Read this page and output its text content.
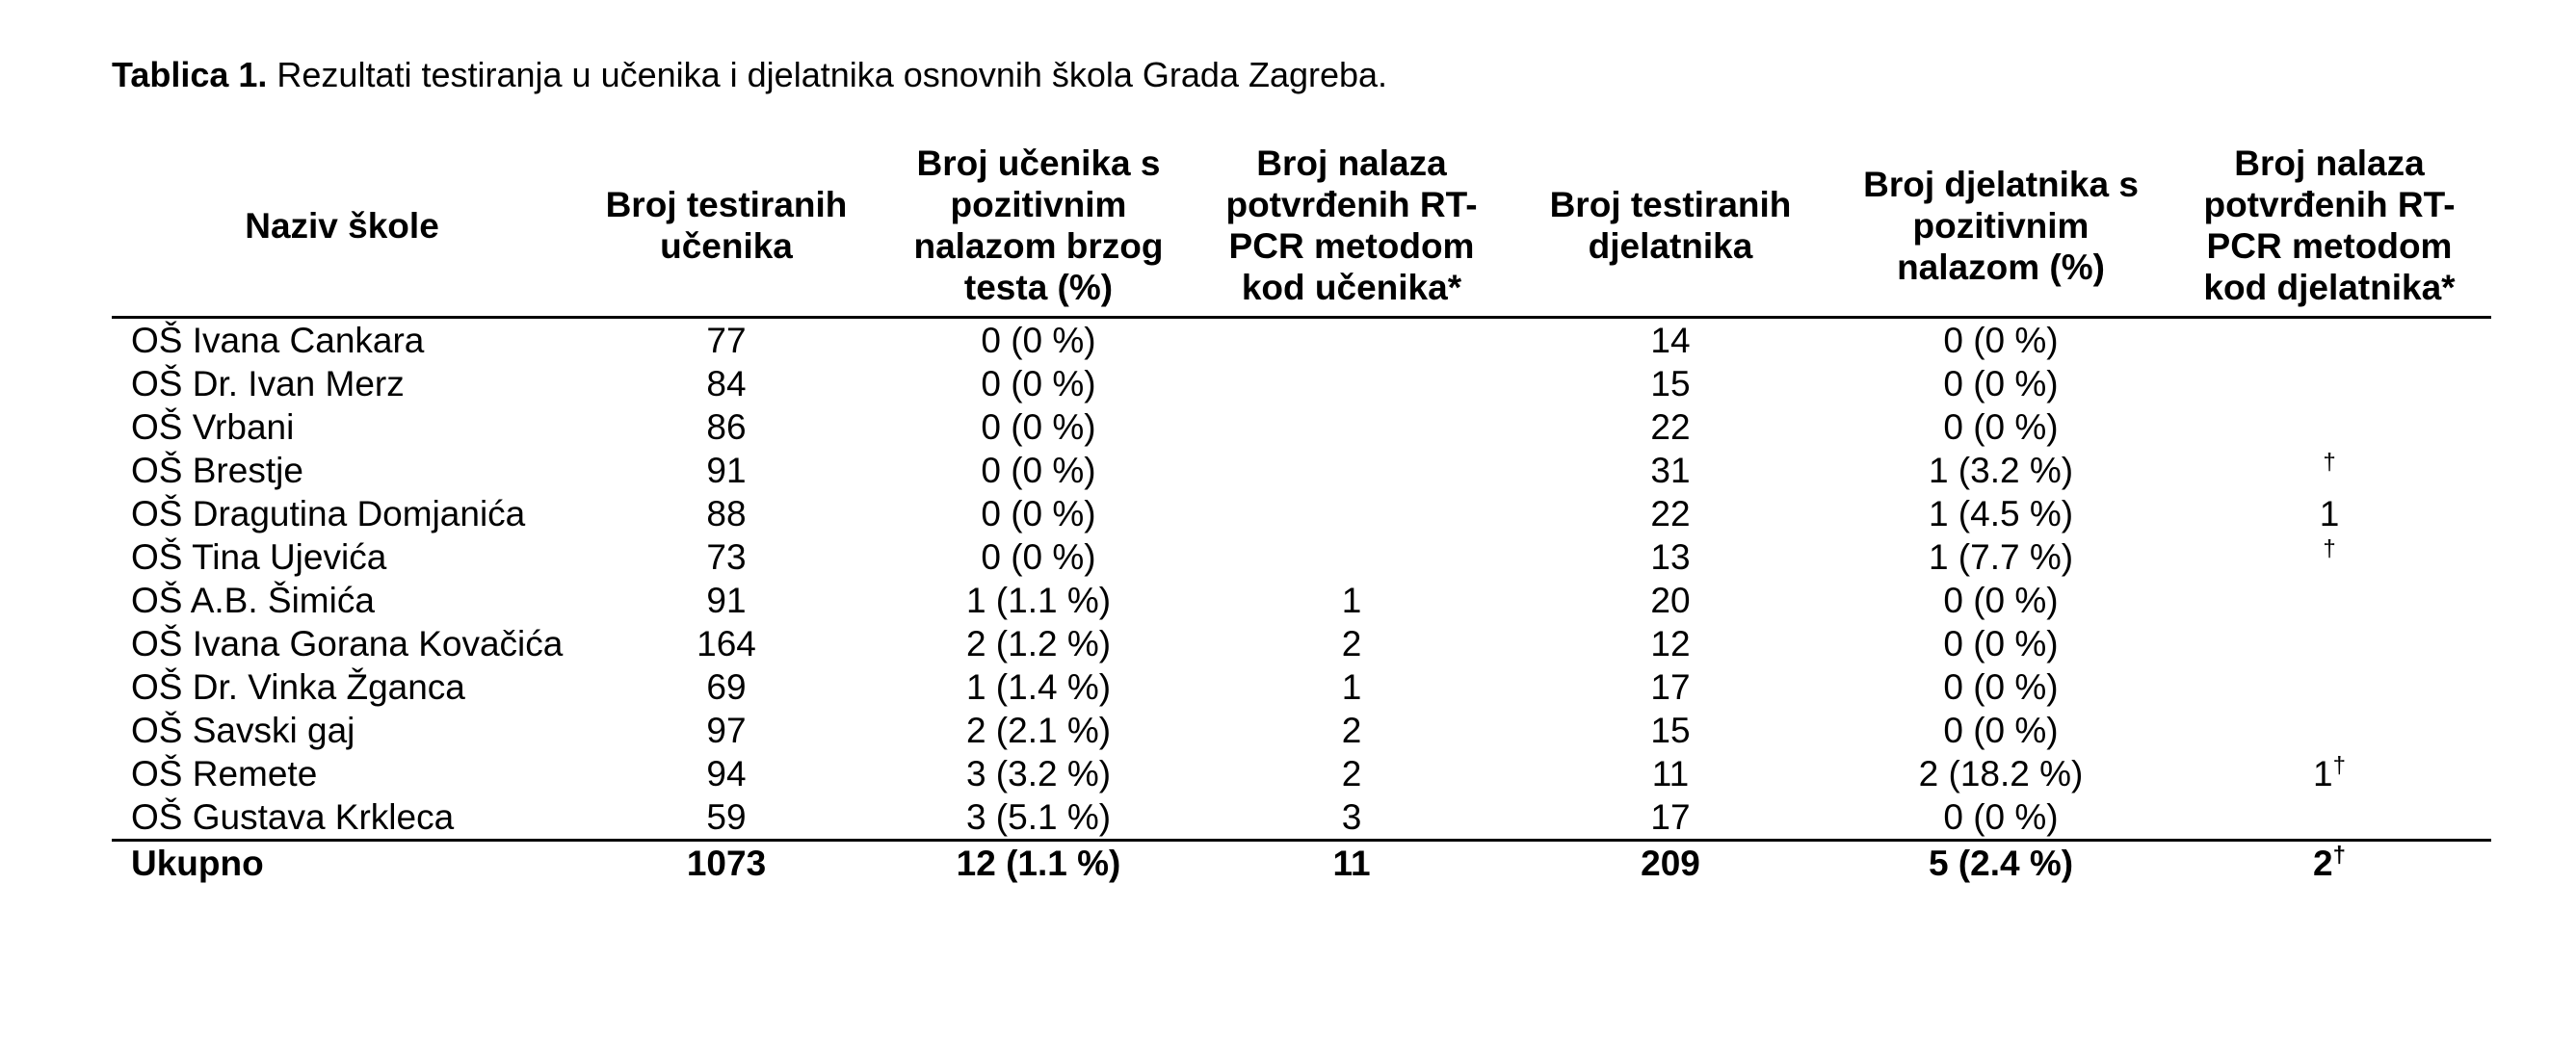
Tablica 1. Rezultati testiranja u učenika i djelatnika osnovnih škola Grada Zagreba.
Naziv škole	Broj testiranih učenika	Broj učenika s pozitivnim nalazom brzog testa (%)	Broj nalaza potvrđenih RT-PCR metodom kod učenika*	Broj testiranih djelatnika	Broj djelatnika s pozitivnim nalazom (%)	Broj nalaza potvrđenih RT-PCR metodom kod djelatnika*
OŠ Ivana Cankara	77	0 (0 %)		14	0 (0 %)	
OŠ Dr. Ivan Merz	84	0 (0 %)		15	0 (0 %)	
OŠ Vrbani	86	0 (0 %)		22	0 (0 %)	
OŠ Brestje	91	0 (0 %)		31	1 (3.2 %)	†
OŠ Dragutina Domjanića	88	0 (0 %)		22	1 (4.5 %)	1
OŠ Tina Ujevića	73	0 (0 %)		13	1 (7.7 %)	†
OŠ A.B. Šimića	91	1 (1.1 %)	1	20	0 (0 %)	
OŠ Ivana Gorana Kovačića	164	2 (1.2 %)	2	12	0 (0 %)	
OŠ Dr. Vinka Žganca	69	1 (1.4 %)	1	17	0 (0 %)	
OŠ Savski gaj	97	2 (2.1 %)	2	15	0 (0 %)	
OŠ Remete	94	3 (3.2 %)	2	11	2 (18.2 %)	1†
OŠ Gustava Krkleca	59	3 (5.1 %)	3	17	0 (0 %)	
Ukupno	1073	12 (1.1 %)	11	209	5 (2.4 %)	2†
